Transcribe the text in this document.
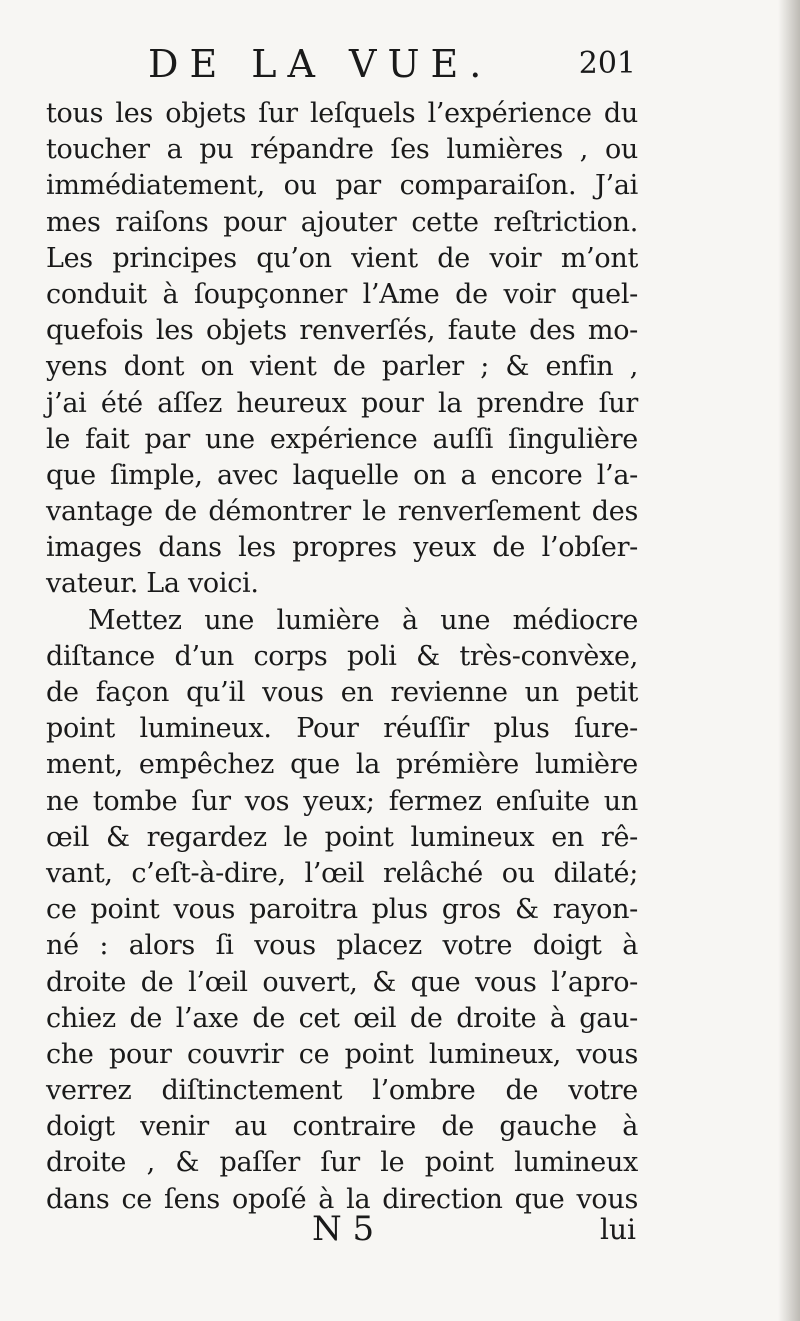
DE LA VUE.	201
tous les objets ſur leſquels l’expérience du
toucher a pu répandre ſes lumières , ou
immédiatement, ou par comparaiſon. J’ai
mes raiſons pour ajouter cette reſtriction.
Les principes qu’on vient de voir m’ont
conduit à ſoupçonner l’Ame de voir quel-
quefois les objets renverſés, faute des mo-
yens dont on vient de parler ; & enfin ,
j’ai été aſſez heureux pour la prendre ſur
le fait par une expérience auſſi ſingulière
que ſimple, avec laquelle on a encore l’a-
vantage de démontrer le renverſement des
images dans les propres yeux de l’obſer-
vateur. La voici.
Mettez une lumière à une médiocre
diſtance d’un corps poli & très-convèxe,
de façon qu’il vous en revienne un petit
point lumineux. Pour réuſſir plus ſure-
ment, empêchez que la prémière lumière
ne tombe ſur vos yeux; fermez enſuite un
œil & regardez le point lumineux en rê-
vant, c’eſt-à-dire, l’œil relâché ou dilaté;
ce point vous paroitra plus gros & rayon-
né : alors ſi vous placez votre doigt à
droite de l’œil ouvert, & que vous l’apro-
chiez de l’axe de cet œil de droite à gau-
che pour couvrir ce point lumineux, vous
verrez diſtinctement l’ombre de votre
doigt venir au contraire de gauche à
droite , & paſſer ſur le point lumineux
dans ce ſens opoſé à la direction que vous
N 5	lui
